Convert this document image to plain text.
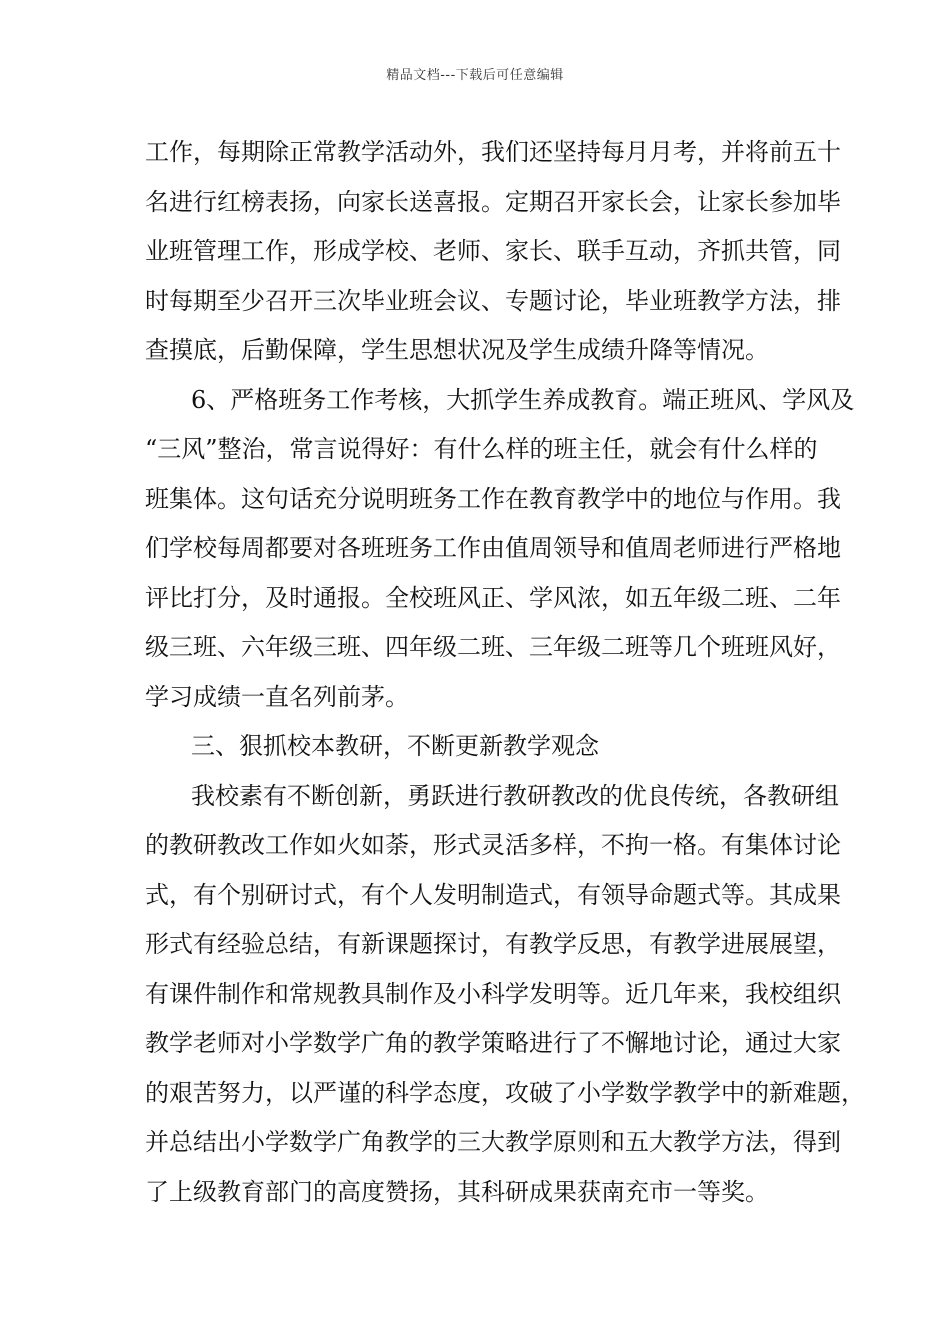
精品文档---下载后可任意编辑
工作，每期除正常教学活动外，我们还坚持每月月考，并将前五十
名进行红榜表扬，向家长送喜报。定期召开家长会，让家长参加毕
业班管理工作，形成学校、老师、家长、联手互动，齐抓共管，同
时每期至少召开三次毕业班会议、专题讨论，毕业班教学方法，排
查摸底，后勤保障，学生思想状况及学生成绩升降等情况。
6、严格班务工作考核，大抓学生养成教育。端正班风、学风及
“三风”整治，常言说得好：有什么样的班主任，就会有什么样的
班集体。这句话充分说明班务工作在教育教学中的地位与作用。我
们学校每周都要对各班班务工作由值周领导和值周老师进行严格地
评比打分，及时通报。全校班风正、学风浓，如五年级二班、二年
级三班、六年级三班、四年级二班、三年级二班等几个班班风好，
学习成绩一直名列前茅。
三、狠抓校本教研，不断更新教学观念
我校素有不断创新，勇跃进行教研教改的优良传统，各教研组
的教研教改工作如火如荼，形式灵活多样，不拘一格。有集体讨论
式，有个别研讨式，有个人发明制造式，有领导命题式等。其成果
形式有经验总结，有新课题探讨，有教学反思，有教学进展展望，
有课件制作和常规教具制作及小科学发明等。近几年来，我校组织
教学老师对小学数学广角的教学策略进行了不懈地讨论，通过大家
的艰苦努力，以严谨的科学态度，攻破了小学数学教学中的新难题，
并总结出小学数学广角教学的三大教学原则和五大教学方法，得到
了上级教育部门的高度赞扬，其科研成果获南充市一等奖。
